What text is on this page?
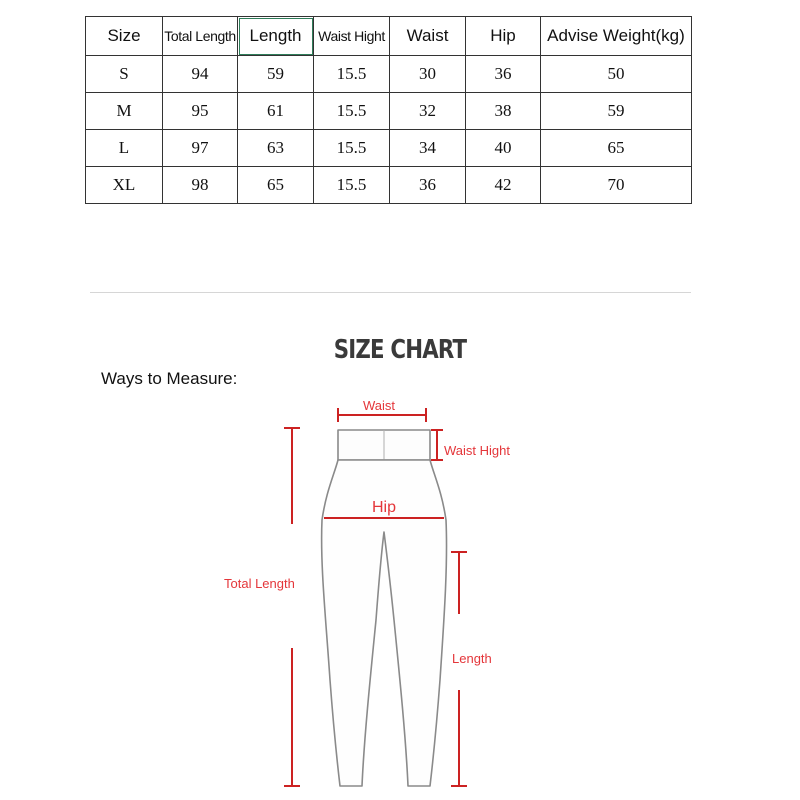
Size	Total Length	Length	Waist Hight	Waist	Hip	Advise Weight(kg)
S	94	59	15.5	30	36	50
M	95	61	15.5	32	38	59
L	97	63	15.5	34	40	65
XL	98	65	15.5	36	42	70
SIZE CHART
Ways to Measure:
Waist
Waist Hight
Hip
Total Length
Length
